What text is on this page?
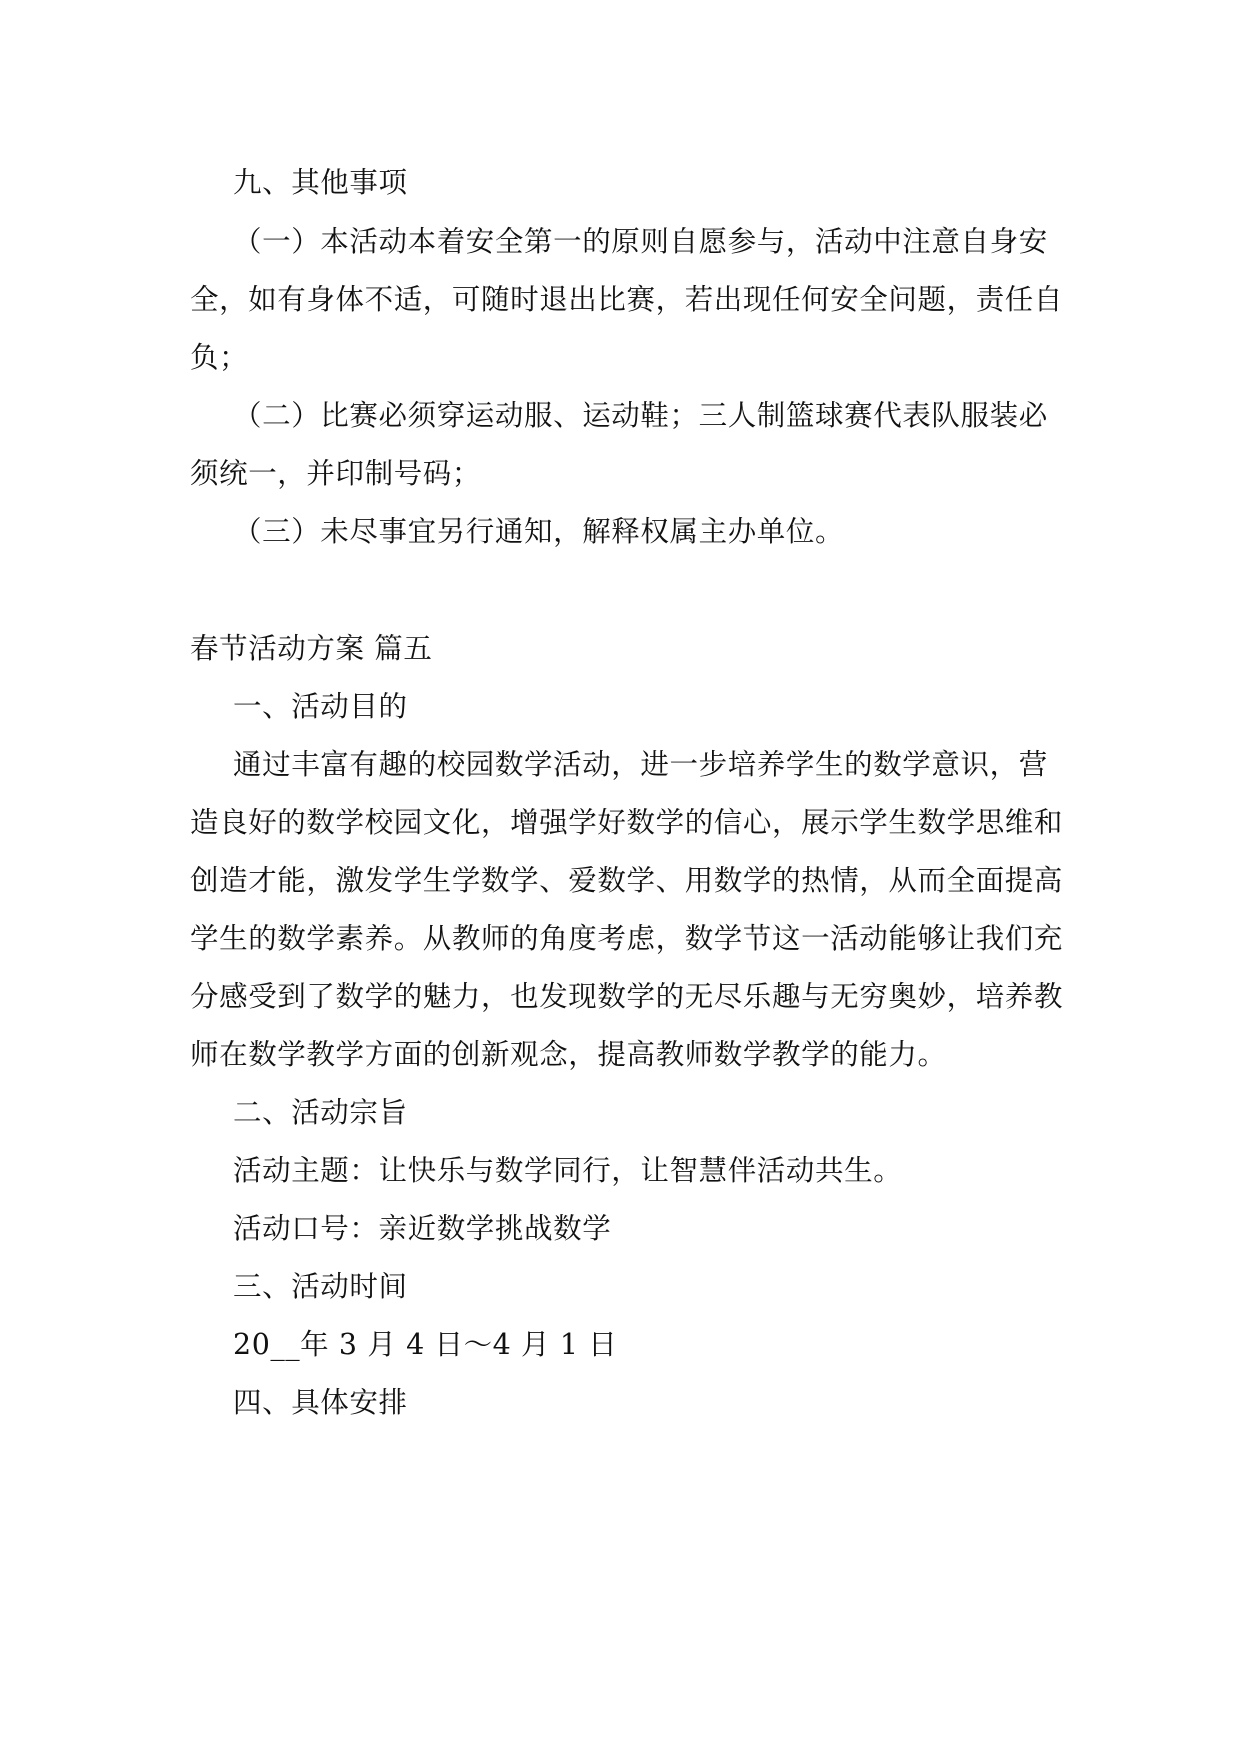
九、其他事项

（一）本活动本着安全第一的原则自愿参与，活动中注意自身安

全，如有身体不适，可随时退出比赛，若出现任何安全问题，责任自

负；

（二）比赛必须穿运动服、运动鞋；三人制篮球赛代表队服装必

须统一，并印制号码；

（三）未尽事宜另行通知，解释权属主办单位。

春节活动方案 篇五

一、活动目的

通过丰富有趣的校园数学活动，进一步培养学生的数学意识，营

造良好的数学校园文化，增强学好数学的信心，展示学生数学思维和

创造才能，激发学生学数学、爱数学、用数学的热情，从而全面提高

学生的数学素养。从教师的角度考虑，数学节这一活动能够让我们充

分感受到了数学的魅力，也发现数学的无尽乐趣与无穷奥妙，培养教

师在数学教学方面的创新观念，提高教师数学教学的能力。

二、活动宗旨

活动主题：让快乐与数学同行，让智慧伴活动共生。

活动口号：亲近数学挑战数学

三、活动时间

20__年 3 月 4 日～4 月 1 日

四、具体安排
